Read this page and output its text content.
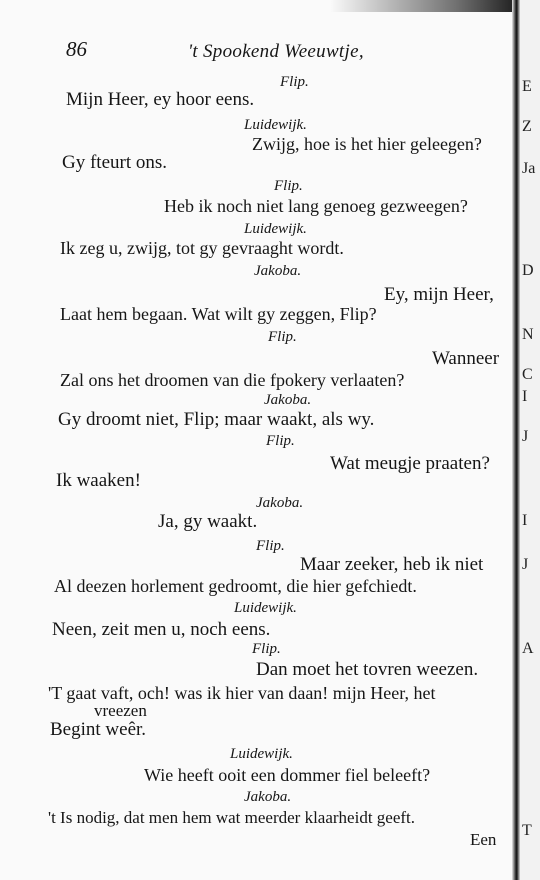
86	't Spookend Weeuwtje,
Flip.
Mijn Heer, ey hoor eens.
Luidewijk.
Zwijg, hoe is het hier geleegen?
Gy fteurt ons.
Flip.
Heb ik noch niet lang genoeg gezweegen?
Luidewijk.
Ik zeg u, zwijg, tot gy gevraaght wordt.
Jakoba.
Ey, mijn Heer,
Laat hem begaan. Wat wilt gy zeggen, Flip?
Flip.
Wanneer
Zal ons het droomen van die fpokery verlaaten?
Jakoba.
Gy droomt niet, Flip; maar waakt, als wy.
Flip.
Wat meugje praaten?
Ik waaken!
Jakoba.
Ja, gy waakt.
Flip.
Maar zeeker, heb ik niet
Al deezen horlement gedroomt, die hier gefchiedt.
Luidewijk.
Neen, zeit men u, noch eens.
Flip.
Dan moet het tovren weezen.
'T gaat vaft, och! was ik hier van daan! mijn Heer, het
vreezen
Begint weêr.
Luidewijk.
Wie heeft ooit een dommer fiel beleeft?
Jakoba.
't Is nodig, dat men hem wat meerder klaarheidt geeft.
Een
E
Z
Ja
D
N
C
I
J
I
J
A
T
